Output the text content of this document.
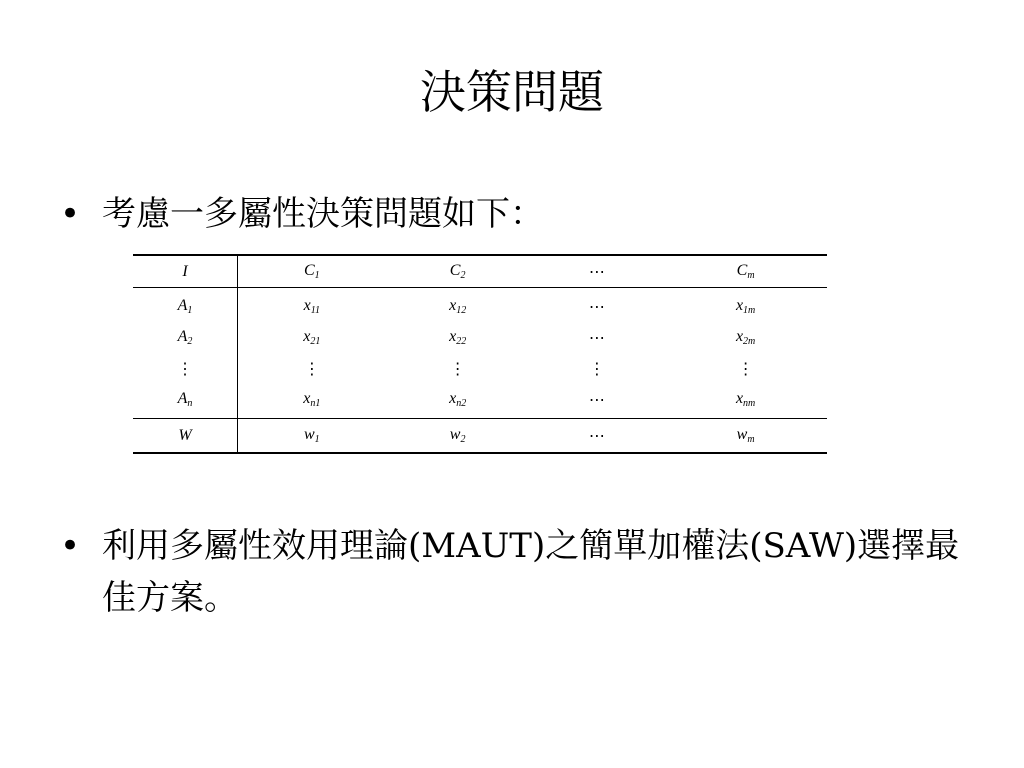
決策問題
• 考慮一多屬性決策問題如下：
I	$C_1$	$C_2$	⋯	$C_m$
$A_1$	$x_{11}$	$x_{12}$	⋯	$x_{1m}$
$A_2$	$x_{21}$	$x_{22}$	⋯	$x_{2m}$
⋮	⋮	⋮	⋮	⋮
$A_n$	$x_{n1}$	$x_{n2}$	⋯	$x_{nm}$
W	$w_1$	$w_2$	⋯	$w_m$
• 利用多屬性效用理論(MAUT)之簡單加權法(SAW)選擇最佳方案。
